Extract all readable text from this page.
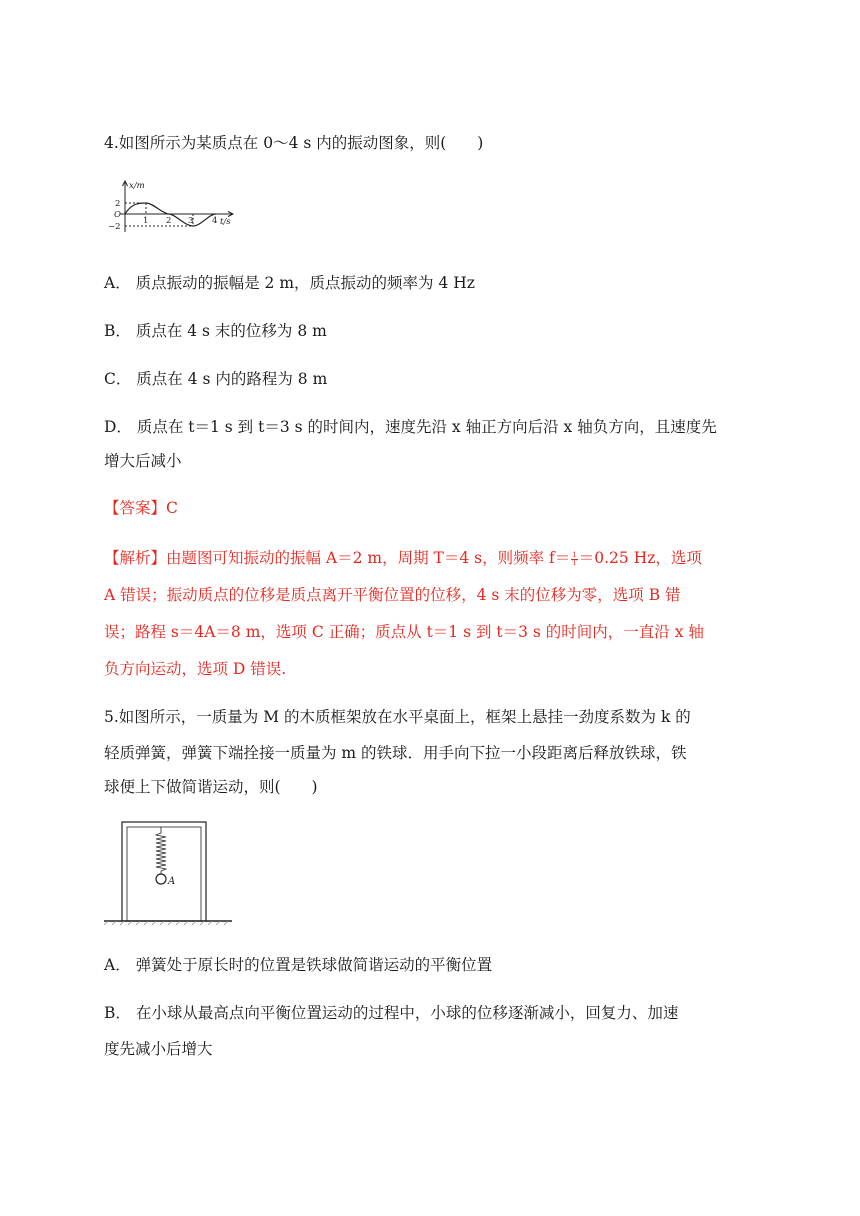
4.如图所示为某质点在 0～4 s 内的振动图象，则(　　)
x/m
O
2
−2
1 2 3 4 t/s
A． 质点振动的振幅是 2 m，质点振动的频率为 4 Hz
B． 质点在 4 s 末的位移为 8 m
C． 质点在 4 s 内的路程为 8 m
D． 质点在 t＝1 s 到 t＝3 s 的时间内，速度先沿 x 轴正方向后沿 x 轴负方向，且速度先
增大后减小
【答案】C
【解析】由题图可知振动的振幅 A＝2 m，周期 T＝4 s，则频率 $f= \frac{1}{T} =0.25$ Hz，选项
A 错误；振动质点的位移是质点离开平衡位置的位移，4 s 末的位移为零，选项 B 错
误；路程 s＝4A＝8 m，选项 C 正确；质点从 t＝1 s 到 t＝3 s 的时间内，一直沿 x 轴
负方向运动，选项 D 错误.
5.如图所示，一质量为 M 的木质框架放在水平桌面上，框架上悬挂一劲度系数为 k 的
轻质弹簧，弹簧下端拴接一质量为 m 的铁球．用手向下拉一小段距离后释放铁球，铁
球便上下做简谐运动，则(　　)
A
A． 弹簧处于原长时的位置是铁球做简谐运动的平衡位置
B． 在小球从最高点向平衡位置运动的过程中，小球的位移逐渐减小，回复力、加速
度先减小后增大
